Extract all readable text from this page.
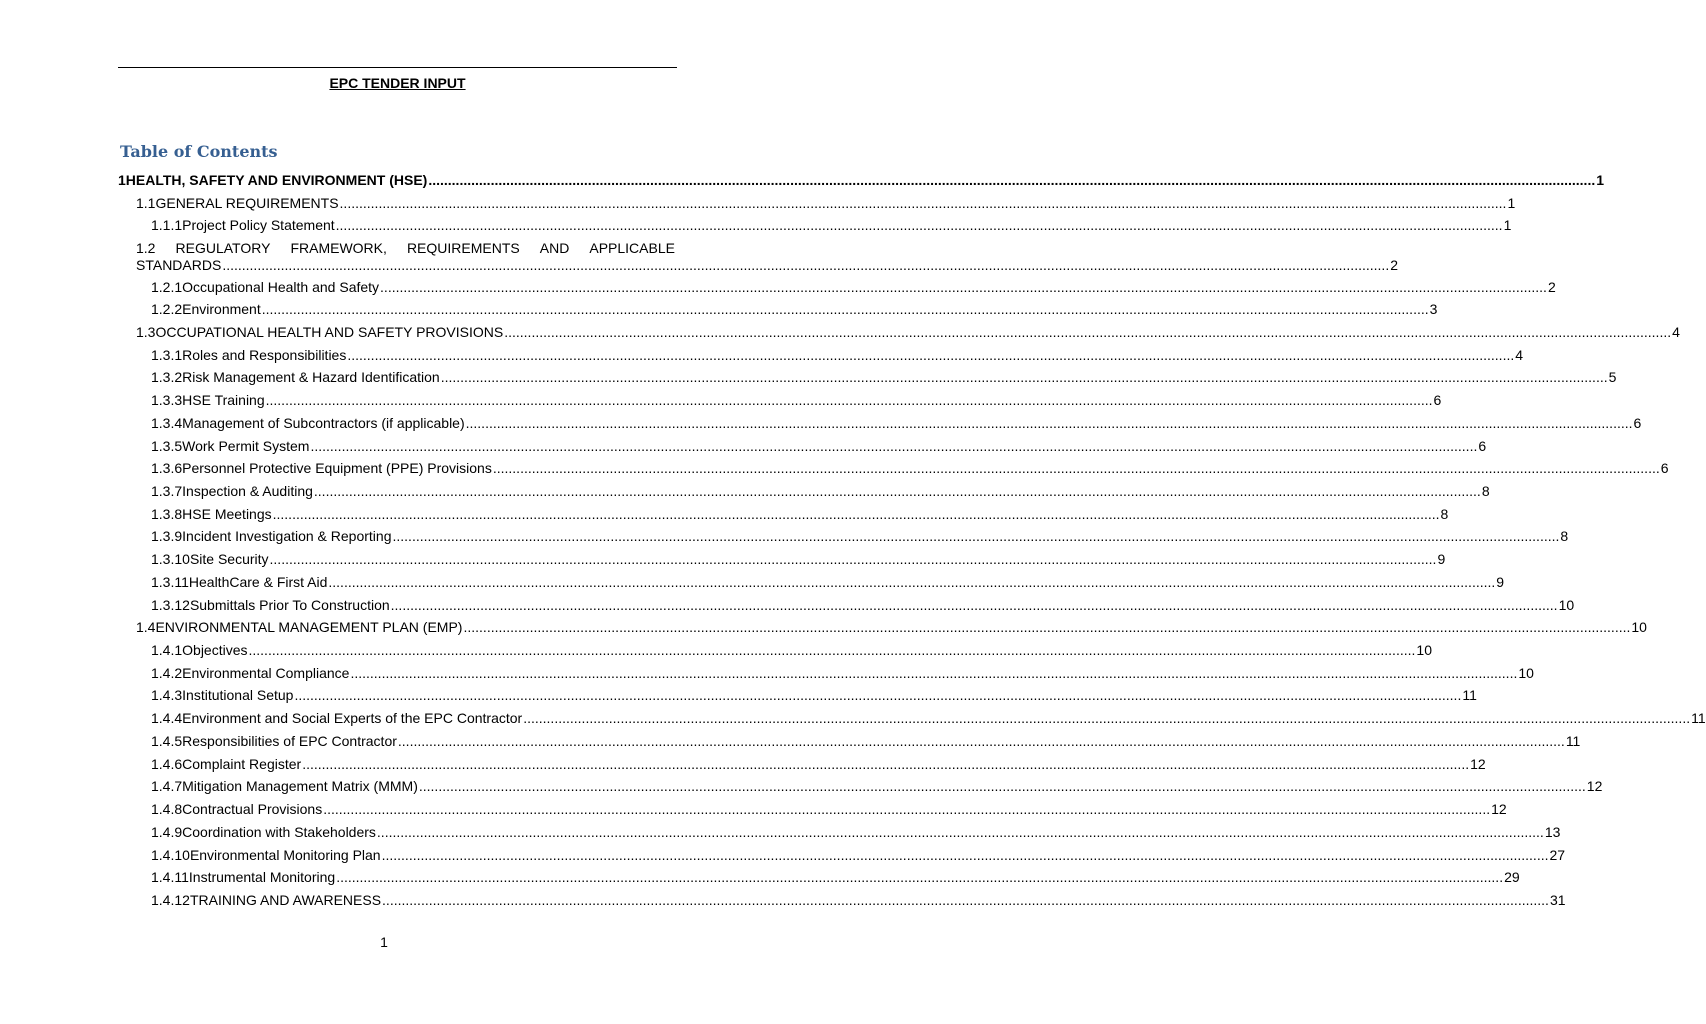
EPC TENDER INPUT
Table of Contents
1 HEALTH, SAFETY AND ENVIRONMENT (HSE) ............................................................................................................................................................................................................................................................................................................ 1
1.1 GENERAL REQUIREMENTS ............................................................................................................................................................................................................................................................................................................ 1
1.1.1 Project Policy Statement ............................................................................................................................................................................................................................................................................................................ 1
1.2 REGULATORY FRAMEWORK, REQUIREMENTS AND APPLICABLE
STANDARDS ............................................................................................................................................................................................................................................................................................................ 2
1.2.1 Occupational Health and Safety ............................................................................................................................................................................................................................................................................................................ 2
1.2.2 Environment ............................................................................................................................................................................................................................................................................................................ 3
1.3 OCCUPATIONAL HEALTH AND SAFETY PROVISIONS ............................................................................................................................................................................................................................................................................................................ 4
1.3.1 Roles and Responsibilities ............................................................................................................................................................................................................................................................................................................ 4
1.3.2 Risk Management & Hazard Identification ............................................................................................................................................................................................................................................................................................................ 5
1.3.3 HSE Training ............................................................................................................................................................................................................................................................................................................ 6
1.3.4 Management of Subcontractors (if applicable) ............................................................................................................................................................................................................................................................................................................ 6
1.3.5 Work Permit System ............................................................................................................................................................................................................................................................................................................ 6
1.3.6 Personnel Protective Equipment (PPE) Provisions ............................................................................................................................................................................................................................................................................................................ 6
1.3.7 Inspection & Auditing ............................................................................................................................................................................................................................................................................................................ 8
1.3.8 HSE Meetings ............................................................................................................................................................................................................................................................................................................ 8
1.3.9 Incident Investigation & Reporting ............................................................................................................................................................................................................................................................................................................ 8
1.3.10 Site Security ............................................................................................................................................................................................................................................................................................................ 9
1.3.11 HealthCare & First Aid ............................................................................................................................................................................................................................................................................................................ 9
1.3.12 Submittals Prior To Construction ............................................................................................................................................................................................................................................................................................................ 10
1.4 ENVIRONMENTAL MANAGEMENT PLAN (EMP) ............................................................................................................................................................................................................................................................................................................ 10
1.4.1 Objectives ............................................................................................................................................................................................................................................................................................................ 10
1.4.2 Environmental Compliance ............................................................................................................................................................................................................................................................................................................ 10
1.4.3 Institutional Setup ............................................................................................................................................................................................................................................................................................................ 11
1.4.4 Environment and Social Experts of the EPC Contractor ............................................................................................................................................................................................................................................................................................................ 11
1.4.5 Responsibilities of EPC Contractor ............................................................................................................................................................................................................................................................................................................ 11
1.4.6 Complaint Register ............................................................................................................................................................................................................................................................................................................ 12
1.4.7 Mitigation Management Matrix (MMM) ............................................................................................................................................................................................................................................................................................................ 12
1.4.8 Contractual Provisions ............................................................................................................................................................................................................................................................................................................ 12
1.4.9 Coordination with Stakeholders ............................................................................................................................................................................................................................................................................................................ 13
1.4.10 Environmental Monitoring Plan ............................................................................................................................................................................................................................................................................................................ 27
1.4.11 Instrumental Monitoring ............................................................................................................................................................................................................................................................................................................ 29
1.4.12 TRAINING AND AWARENESS ............................................................................................................................................................................................................................................................................................................ 31
1
